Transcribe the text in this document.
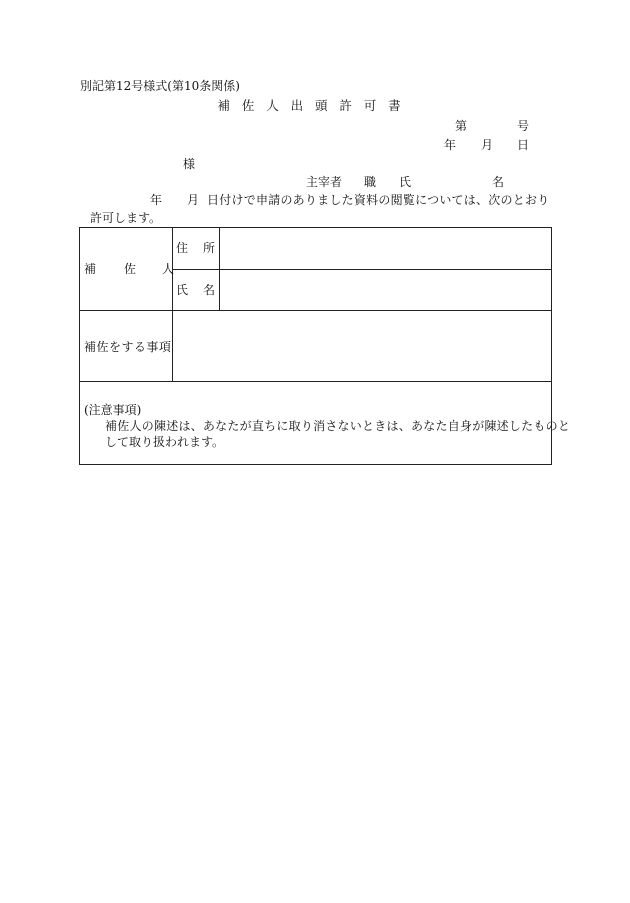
別記第12号様式(第10条関係)
補佐人出頭許可書
第	号
年 月 日
様
主宰者 職 氏	名
年 月 日付けで申請のありました資料の閲覧については、次のとおり
許可します。
補 佐 人
住 所
氏 名
補佐をする事項
(注意事項)
補佐人の陳述は、あなたが直ちに取り消さないときは、あなた自身が陳述したものと
して取り扱われます。
